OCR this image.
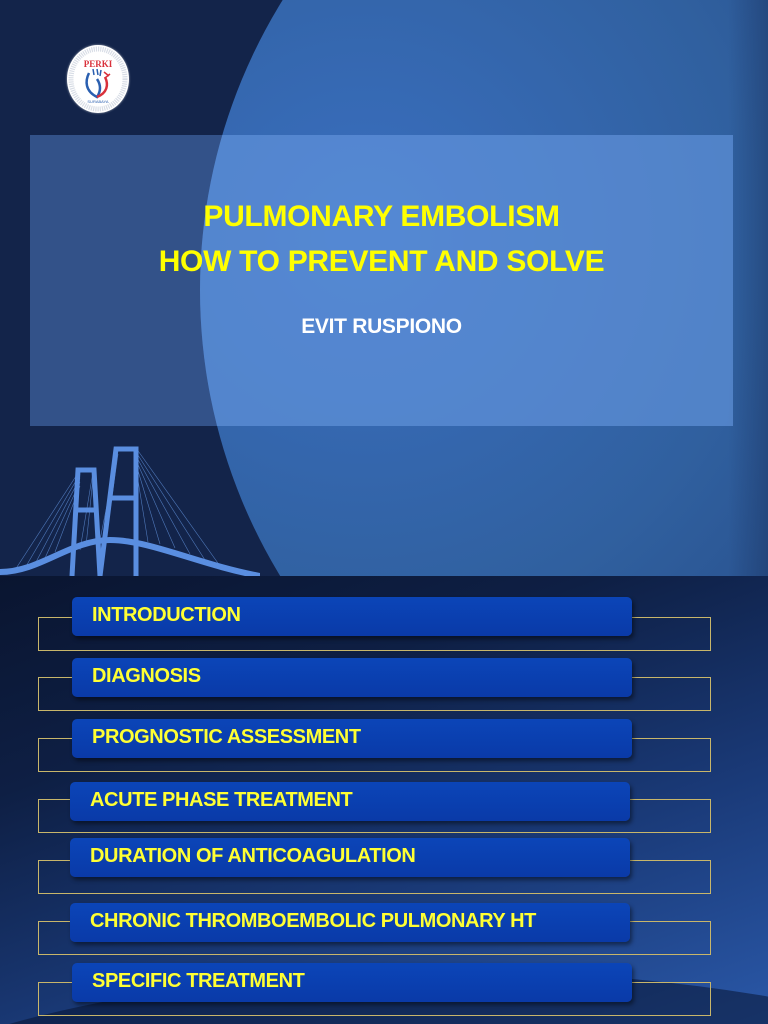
PERKI
SURABAYA
PULMONARY EMBOLISM
HOW TO PREVENT AND SOLVE
EVIT RUSPIONO
INTRODUCTION
DIAGNOSIS
PROGNOSTIC ASSESSMENT
ACUTE PHASE TREATMENT
DURATION OF ANTICOAGULATION
CHRONIC THROMBOEMBOLIC PULMONARY HT
SPECIFIC TREATMENT
